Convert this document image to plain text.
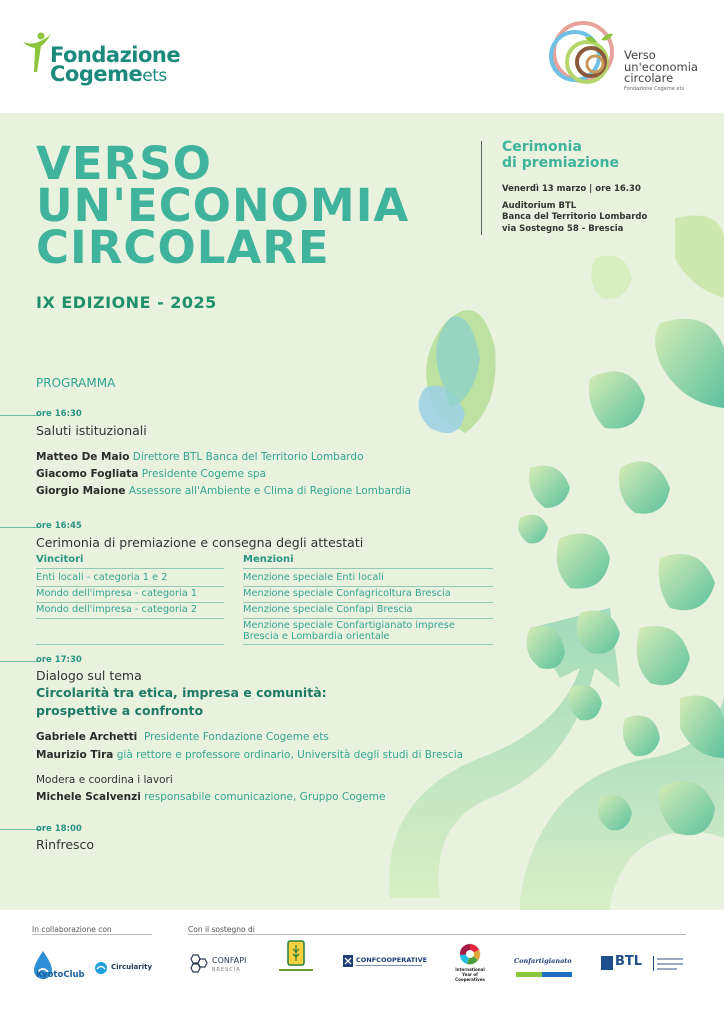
Fondazione
Cogemeets
Verso
un'economia
circolare
Fondazione Cogeme ets
VERSO
UN'ECONOMIA
CIRCOLARE
IX EDIZIONE - 2025
Cerimonia
di premiazione
Venerdì 13 marzo | ore 16.30
Auditorium BTL
Banca del Territorio Lombardo
via Sostegno 58 - Brescia
PROGRAMMA
ore 16:30
Saluti istituzionali
Matteo De Maio Direttore BTL Banca del Territorio Lombardo
Giacomo Fogliata Presidente Cogeme spa
Giorgio Maione Assessore all'Ambiente e Clima di Regione Lombardia
ore 16:45
Cerimonia di premiazione e consegna degli attestati
Vincitori
Enti locali - categoria 1 e 2
Mondo dell'impresa - categoria 1
Mondo dell'impresa - categoria 2
Menzioni
Menzione speciale Enti locali
Menzione speciale Confagricoltura Brescia
Menzione speciale Confapi Brescia
Menzione speciale Confartigianato imprese
Brescia e Lombardia orientale
ore 17:30
Dialogo sul tema
Circolarità tra etica, impresa e comunità:
prospettive a confronto
Gabriele Archetti Presidente Fondazione Cogeme ets
Maurizio Tira già rettore e professore ordinario, Università degli studi di Brescia
Modera e coordina i lavori
Michele Scalvenzi responsabile comunicazione, Gruppo Cogeme
ore 18:00
Rinfresco
In collaborazione con	Con il sostegno di
KyotoClub
Circularity
CONFAPI
BRESCIA
CONFCOOPERATIVE
International Year of Cooperatives
Confartigianato	BTL
